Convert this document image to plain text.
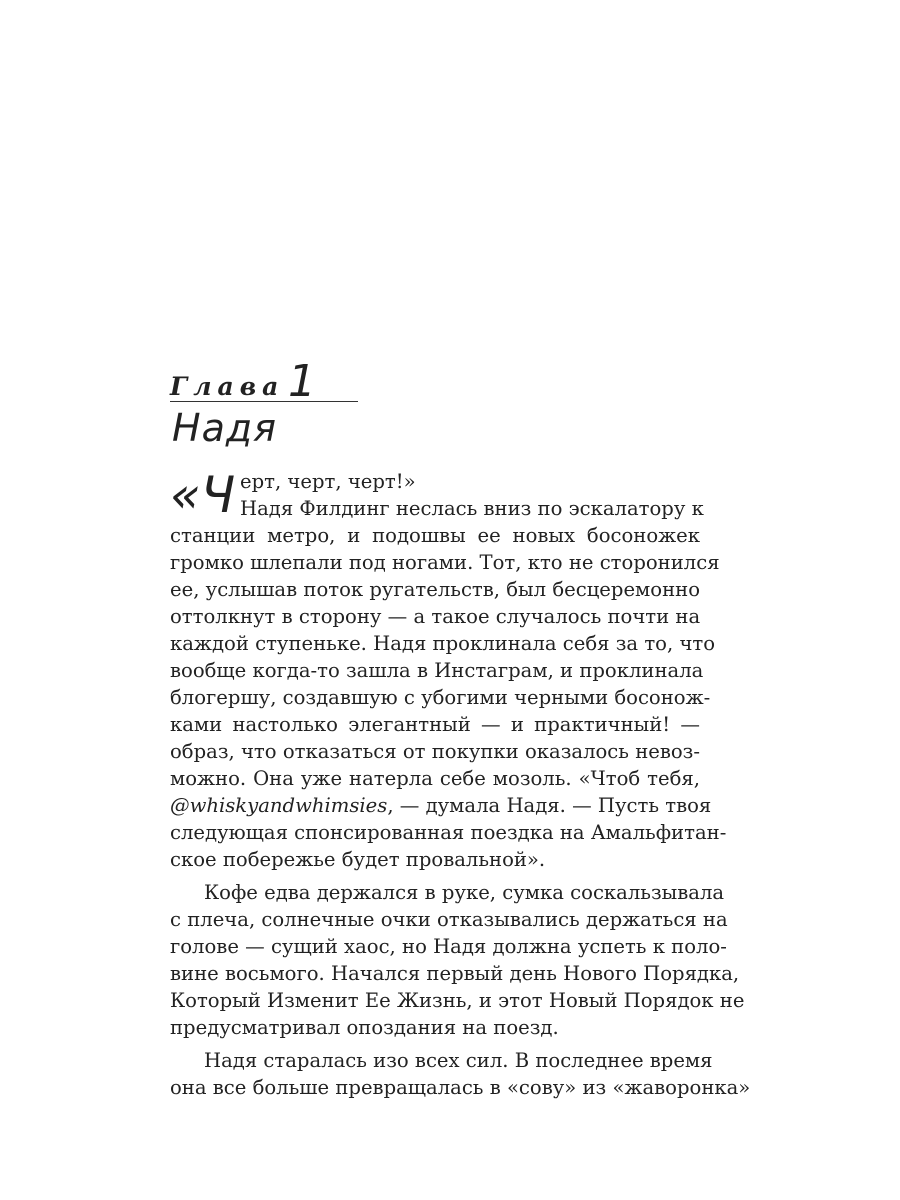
Глава 1
Надя
«Ч ерт, черт, черт!»
Надя Филдинг неслась вниз по эскалатору к
станции метро, и подошвы ее новых босоножек
громко шлепали под ногами. Тот, кто не сторонился
ее, услышав поток ругательств, был бесцеремонно
оттолкнут в сторону — а такое случалось почти на
каждой ступеньке. Надя проклинала себя за то, что
вообще когда-то зашла в Инстаграм, и проклинала
блогершу, создавшую с убогими черными босонож-
ками настолько элегантный — и практичный! —
образ, что отказаться от покупки оказалось невоз-
можно. Она уже натерла себе мозоль. «Чтоб тебя,
@whiskyandwhimsies, — думала Надя. — Пусть твоя
следующая спонсированная поездка на Амальфитан-
ское побережье будет провальной».
Кофе едва держался в руке, сумка соскальзывала
с плеча, солнечные очки отказывались держаться на
голове — сущий хаос, но Надя должна успеть к поло-
вине восьмого. Начался первый день Нового Порядка,
Который Изменит Ее Жизнь, и этот Новый Порядок не
предусматривал опоздания на поезд.
Надя старалась изо всех сил. В последнее время
она все больше превращалась в «сову» из «жаворонка»
